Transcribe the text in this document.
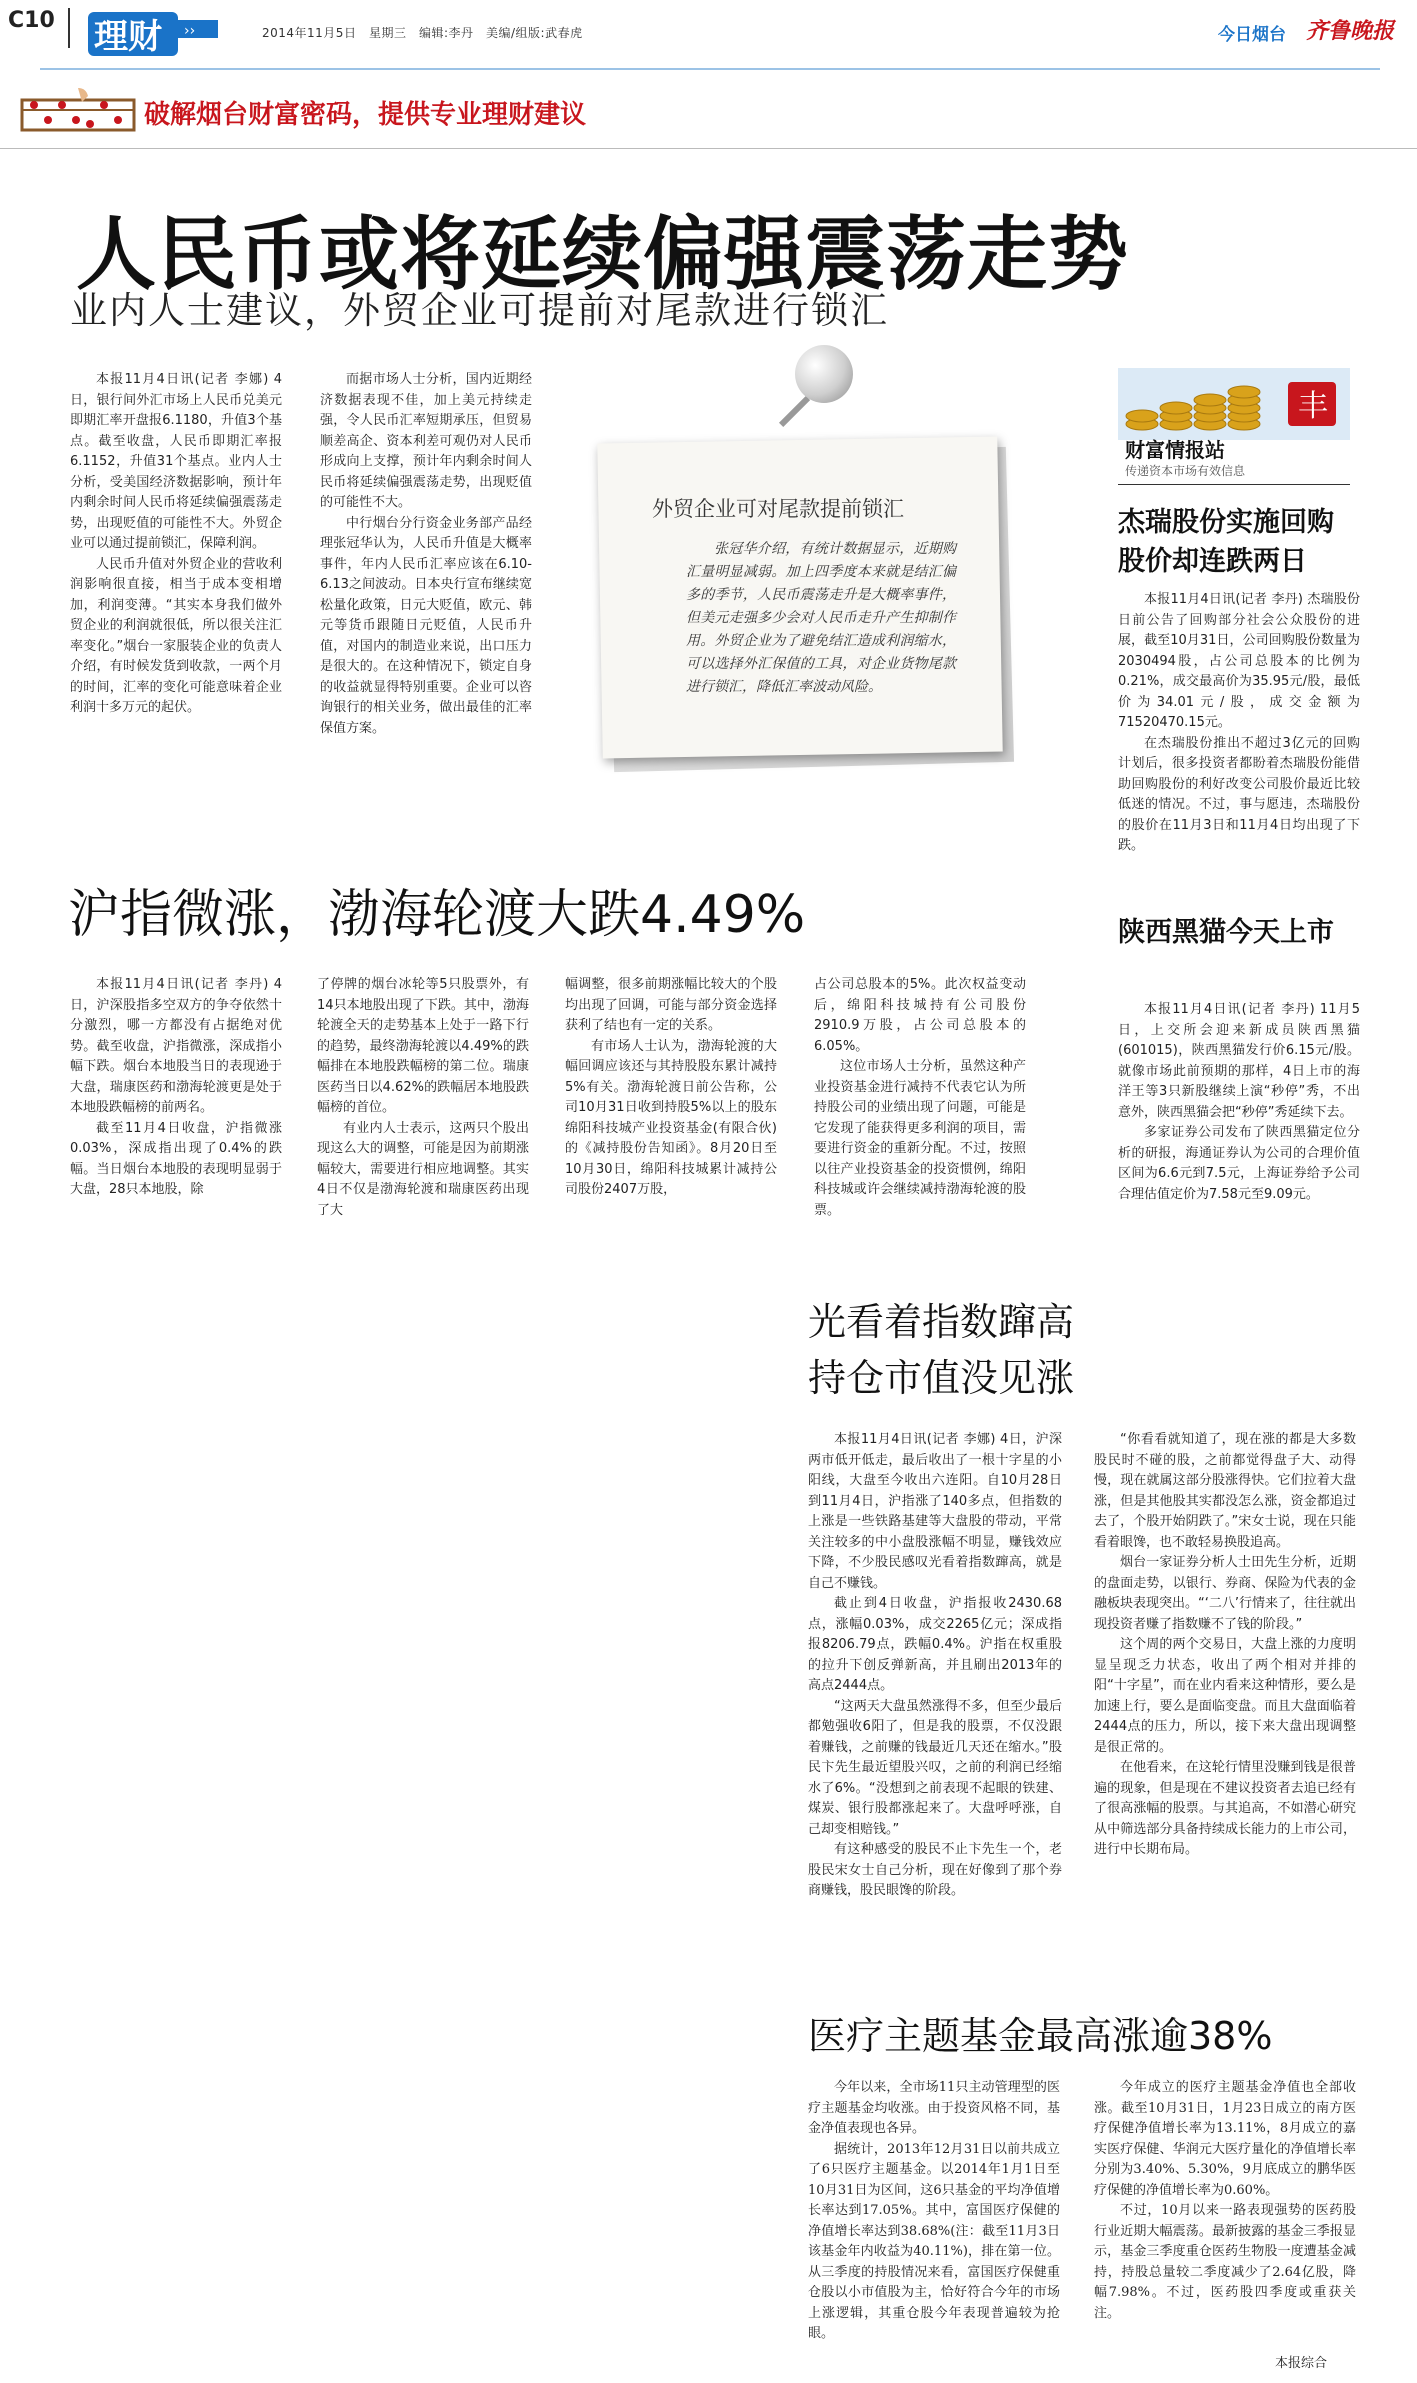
C10 理财 ››	2014年11月5日　星期三　编辑:李丹　美编/组版:武春虎	今日烟台 齐鲁晚报
破解烟台财富密码，提供专业理财建议
人民币或将延续偏强震荡走势
业内人士建议，外贸企业可提前对尾款进行锁汇

本报11月4日讯(记者 李娜) 4日，银行间外汇市场上人民币兑美元即期汇率开盘报6.1180，升值3个基点。截至收盘，人民币即期汇率报6.1152，升值31个基点。业内人士分析，受美国经济数据影响，预计年内剩余时间人民币将延续偏强震荡走势，出现贬值的可能性不大。外贸企业可以通过提前锁汇，保障利润。

人民币升值对外贸企业的营收利润影响很直接，相当于成本变相增加，利润变薄。“其实本身我们做外贸企业的利润就很低，所以很关注汇率变化。”烟台一家服装企业的负责人介绍，有时候发货到收款，一两个月的时间，汇率的变化可能意味着企业利润十多万元的起伏。

而据市场人士分析，国内近期经济数据表现不佳，加上美元持续走强，令人民币汇率短期承压，但贸易顺差高企、资本利差可观仍对人民币形成向上支撑，预计年内剩余时间人民币将延续偏强震荡走势，出现贬值的可能性不大。

中行烟台分行资金业务部产品经理张冠华认为，人民币升值是大概率事件，年内人民币汇率应该在6.10-6.13之间波动。日本央行宣布继续宽松量化政策，日元大贬值，欧元、韩元等货币跟随日元贬值，人民币升值，对国内的制造业来说，出口压力是很大的。在这种情况下，锁定自身的收益就显得特别重要。企业可以咨询银行的相关业务，做出最佳的汇率保值方案。

外贸企业可对尾款提前锁汇

张冠华介绍，有统计数据显示，近期购汇量明显减弱。加上四季度本来就是结汇偏多的季节，人民币震荡走升是大概率事件，但美元走强多少会对人民币走升产生抑制作用。外贸企业为了避免结汇造成利润缩水，可以选择外汇保值的工具，对企业货物尾款进行锁汇，降低汇率波动风险。

丰
财富情报站
传递资本市场有效信息
杰瑞股份实施回购股价却连跌两日

本报11月4日讯(记者 李丹) 杰瑞股份日前公告了回购部分社会公众股份的进展，截至10月31日，公司回购股份数量为2030494股，占公司总股本的比例为0.21%，成交最高价为35.95元/股，最低价为34.01元/股，成交金额为71520470.15元。

在杰瑞股份推出不超过3亿元的回购计划后，很多投资者都盼着杰瑞股份能借助回购股份的利好改变公司股价最近比较低迷的情况。不过，事与愿违，杰瑞股份的股价在11月3日和11月4日均出现了下跌。

陕西黑猫今天上市

本报11月4日讯(记者 李丹) 11月5日，上交所会迎来新成员陕西黑猫(601015)，陕西黑猫发行价6.15元/股。就像市场此前预期的那样，4日上市的海洋王等3只新股继续上演“秒停”秀，不出意外，陕西黑猫会把“秒停”秀延续下去。

多家证券公司发布了陕西黑猫定位分析的研报，海通证券认为公司的合理价值区间为6.6元到7.5元，上海证券给予公司合理估值定价为7.58元至9.09元。

沪指微涨，渤海轮渡大跌4.49%

本报11月4日讯(记者 李丹) 4日，沪深股指多空双方的争夺依然十分激烈，哪一方都没有占据绝对优势。截至收盘，沪指微涨，深成指小幅下跌。烟台本地股当日的表现逊于大盘，瑞康医药和渤海轮渡更是处于本地股跌幅榜的前两名。

截至11月4日收盘，沪指微涨0.03%，深成指出现了0.4%的跌幅。当日烟台本地股的表现明显弱于大盘，28只本地股，除

了停牌的烟台冰轮等5只股票外，有14只本地股出现了下跌。其中，渤海轮渡全天的走势基本上处于一路下行的趋势，最终渤海轮渡以4.49%的跌幅排在本地股跌幅榜的第二位。瑞康医药当日以4.62%的跌幅居本地股跌幅榜的首位。

有业内人士表示，这两只个股出现这么大的调整，可能是因为前期涨幅较大，需要进行相应地调整。其实4日不仅是渤海轮渡和瑞康医药出现了大

幅调整，很多前期涨幅比较大的个股均出现了回调，可能与部分资金选择获利了结也有一定的关系。

有市场人士认为，渤海轮渡的大幅回调应该还与其持股股东累计减持5%有关。渤海轮渡日前公告称，公司10月31日收到持股5%以上的股东绵阳科技城产业投资基金(有限合伙)的《减持股份告知函》。8月20日至10月30日，绵阳科技城累计减持公司股份2407万股，

占公司总股本的5%。此次权益变动后，绵阳科技城持有公司股份2910.9万股，占公司总股本的6.05%。

这位市场人士分析，虽然这种产业投资基金进行减持不代表它认为所持股公司的业绩出现了问题，可能是它发现了能获得更多利润的项目，需要进行资金的重新分配。不过，按照以往产业投资基金的投资惯例，绵阳科技城或许会继续减持渤海轮渡的股票。

光看着指数蹿高
持仓市值没见涨

本报11月4日讯(记者 李娜) 4日，沪深两市低开低走，最后收出了一根十字星的小阳线，大盘至今收出六连阳。自10月28日到11月4日，沪指涨了140多点，但指数的上涨是一些铁路基建等大盘股的带动，平常关注较多的中小盘股涨幅不明显，赚钱效应下降，不少股民感叹光看着指数蹿高，就是自己不赚钱。

截止到4日收盘，沪指报收2430.68点，涨幅0.03%，成交2265亿元；深成指报8206.79点，跌幅0.4%。沪指在权重股的拉升下创反弹新高，并且刷出2013年的高点2444点。

“这两天大盘虽然涨得不多，但至少最后都勉强收6阳了，但是我的股票，不仅没跟着赚钱，之前赚的钱最近几天还在缩水。”股民卞先生最近望股兴叹，之前的利润已经缩水了6%。“没想到之前表现不起眼的铁建、煤炭、银行股都涨起来了。大盘呼呼涨，自己却变相赔钱。”

有这种感受的股民不止卞先生一个，老股民宋女士自己分析，现在好像到了那个券商赚钱，股民眼馋的阶段。

“你看看就知道了，现在涨的都是大多数股民时不碰的股，之前都觉得盘子大、动得慢，现在就属这部分股涨得快。它们拉着大盘涨，但是其他股其实都没怎么涨，资金都追过去了，个股开始阴跌了。”宋女士说，现在只能看着眼馋，也不敢轻易换股追高。

烟台一家证券分析人士田先生分析，近期的盘面走势，以银行、券商、保险为代表的金融板块表现突出。“‘二八’行情来了，往往就出现投资者赚了指数赚不了钱的阶段。”

这个周的两个交易日，大盘上涨的力度明显呈现乏力状态，收出了两个相对并排的阳“十字星”，而在业内看来这种情形，要么是加速上行，要么是面临变盘。而且大盘面临着2444点的压力，所以，接下来大盘出现调整是很正常的。

在他看来，在这轮行情里没赚到钱是很普遍的现象，但是现在不建议投资者去追已经有了很高涨幅的股票。与其追高，不如潜心研究从中筛选部分具备持续成长能力的上市公司，进行中长期布局。

医疗主题基金最高涨逾38%

今年以来，全市场11只主动管理型的医疗主题基金均收涨。由于投资风格不同，基金净值表现也各异。

据统计，2013年12月31日以前共成立了6只医疗主题基金。以2014年1月1日至10月31日为区间，这6只基金的平均净值增长率达到17.05%。其中，富国医疗保健的净值增长率达到38.68%(注：截至11月3日该基金年内收益为40.11%)，排在第一位。从三季度的持股情况来看，富国医疗保健重仓股以小市值股为主，恰好符合今年的市场上涨逻辑，其重仓股今年表现普遍较为抢眼。

今年成立的医疗主题基金净值也全部收涨。截至10月31日，1月23日成立的南方医疗保健净值增长率为13.11%，8月成立的嘉实医疗保健、华润元大医疗量化的净值增长率分别为3.40%、5.30%，9月底成立的鹏华医疗保健的净值增长率为0.60%。

不过，10月以来一路表现强势的医药股行业近期大幅震荡。最新披露的基金三季报显示，基金三季度重仓医药生物股一度遭基金减持，持股总量较二季度减少了2.64亿股，降幅7.98%。不过，医药股四季度或重获关注。

本报综合
